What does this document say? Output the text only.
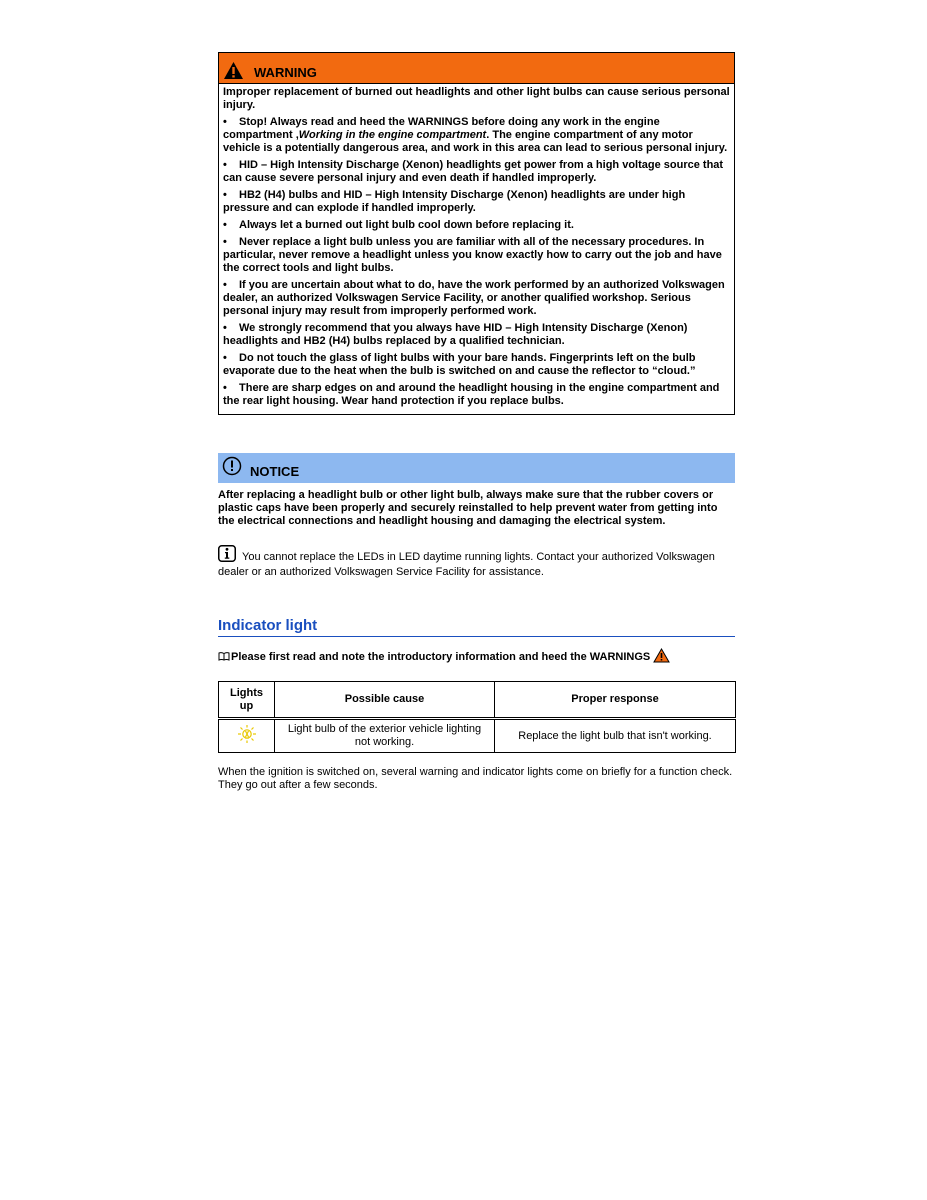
WARNING

Improper replacement of burned out headlights and other light bulbs can cause serious personal injury.

• Stop! Always read and heed the WARNINGS before doing any work in the engine compartment ,Working in the engine compartment. The engine compartment of any motor vehicle is a potentially dangerous area, and work in this area can lead to serious personal injury.

• HID – High Intensity Discharge (Xenon) headlights get power from a high voltage source that can cause severe personal injury and even death if handled improperly.

• HB2 (H4) bulbs and HID – High Intensity Discharge (Xenon) headlights are under high pressure and can explode if handled improperly.

• Always let a burned out light bulb cool down before replacing it.

• Never replace a light bulb unless you are familiar with all of the necessary procedures. In particular, never remove a headlight unless you know exactly how to carry out the job and have the correct tools and light bulbs.

• If you are uncertain about what to do, have the work performed by an authorized Volkswagen dealer, an authorized Volkswagen Service Facility, or another qualified workshop. Serious personal injury may result from improperly performed work.

• We strongly recommend that you always have HID – High Intensity Discharge (Xenon) headlights and HB2 (H4) bulbs replaced by a qualified technician.

• Do not touch the glass of light bulbs with your bare hands. Fingerprints left on the bulb evaporate due to the heat when the bulb is switched on and cause the reflector to “cloud.”

• There are sharp edges on and around the headlight housing in the engine compartment and the rear light housing. Wear hand protection if you replace bulbs.

NOTICE
After replacing a headlight bulb or other light bulb, always make sure that the rubber covers or plastic caps have been properly and securely reinstalled to help prevent water from getting into the electrical connections and headlight housing and damaging the electrical system.
You cannot replace the LEDs in LED daytime running lights. Contact your authorized Volkswagen dealer or an authorized Volkswagen Service Facility for assistance.
Indicator light
Please first read and note the introductory information and heed the WARNINGS
Lights up	Possible cause	Proper response
	Light bulb of the exterior vehicle lighting not working.	Replace the light bulb that isn't working.
When the ignition is switched on, several warning and indicator lights come on briefly for a function check. They go out after a few seconds.
